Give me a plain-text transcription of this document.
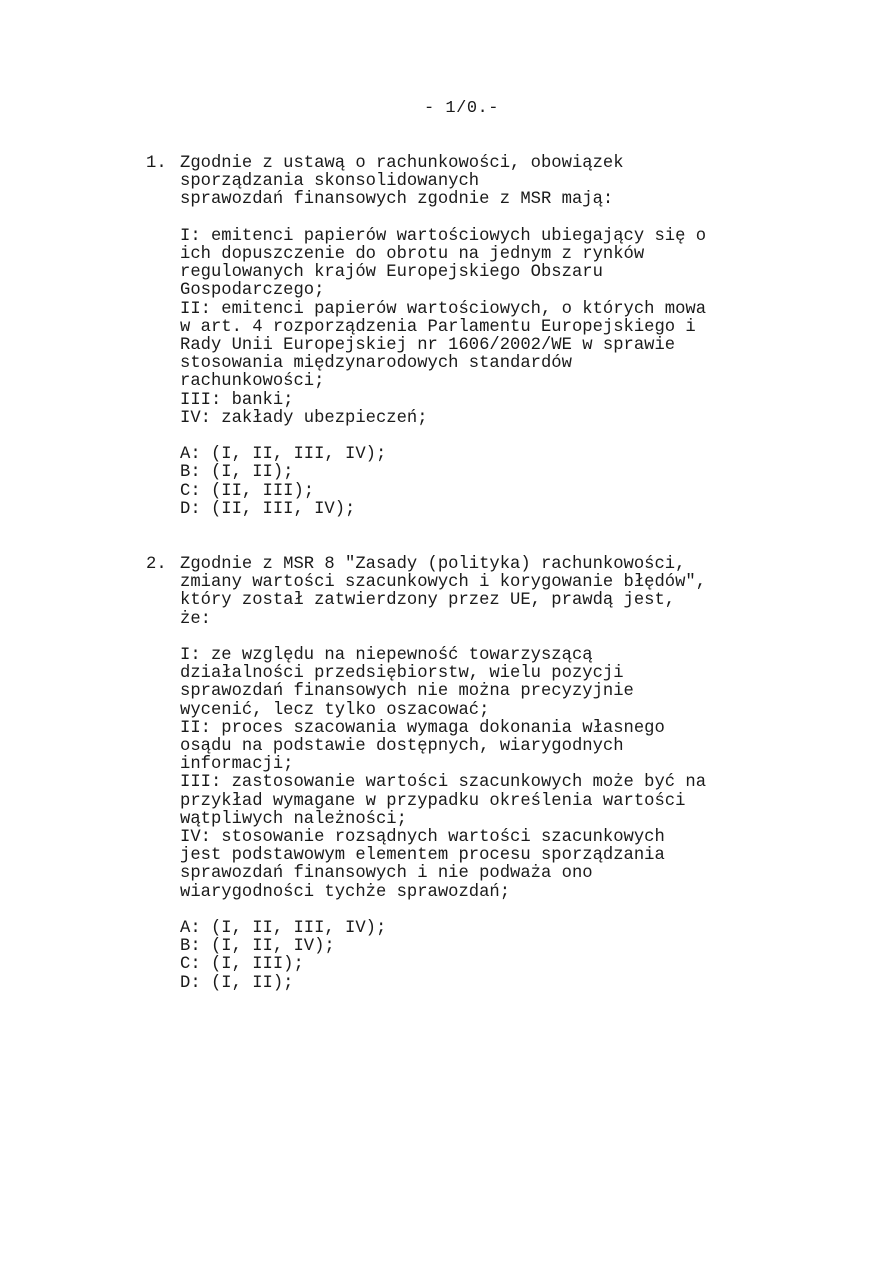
- 1/0.-
1. Zgodnie z ustawą o rachunkowości, obowiązek
sporządzania skonsolidowanych
sprawozdań finansowych zgodnie z MSR mają:
I: emitenci papierów wartościowych ubiegający się o
ich dopuszczenie do obrotu na jednym z rynków
regulowanych krajów Europejskiego Obszaru
Gospodarczego;
II: emitenci papierów wartościowych, o których mowa
w art. 4 rozporządzenia Parlamentu Europejskiego i
Rady Unii Europejskiej nr 1606/2002/WE w sprawie
stosowania międzynarodowych standardów
rachunkowości;
III: banki;
IV: zakłady ubezpieczeń;
A: (I, II, III, IV);
B: (I, II);
C: (II, III);
D: (II, III, IV);
2. Zgodnie z MSR 8 "Zasady (polityka) rachunkowości,
zmiany wartości szacunkowych i korygowanie błędów",
który został zatwierdzony przez UE, prawdą jest,
że:
I: ze względu na niepewność towarzyszącą
działalności przedsiębiorstw, wielu pozycji
sprawozdań finansowych nie można precyzyjnie
wycenić, lecz tylko oszacować;
II: proces szacowania wymaga dokonania własnego
osądu na podstawie dostępnych, wiarygodnych
informacji;
III: zastosowanie wartości szacunkowych może być na
przykład wymagane w przypadku określenia wartości
wątpliwych należności;
IV: stosowanie rozsądnych wartości szacunkowych
jest podstawowym elementem procesu sporządzania
sprawozdań finansowych i nie podważa ono
wiarygodności tychże sprawozdań;
A: (I, II, III, IV);
B: (I, II, IV);
C: (I, III);
D: (I, II);
